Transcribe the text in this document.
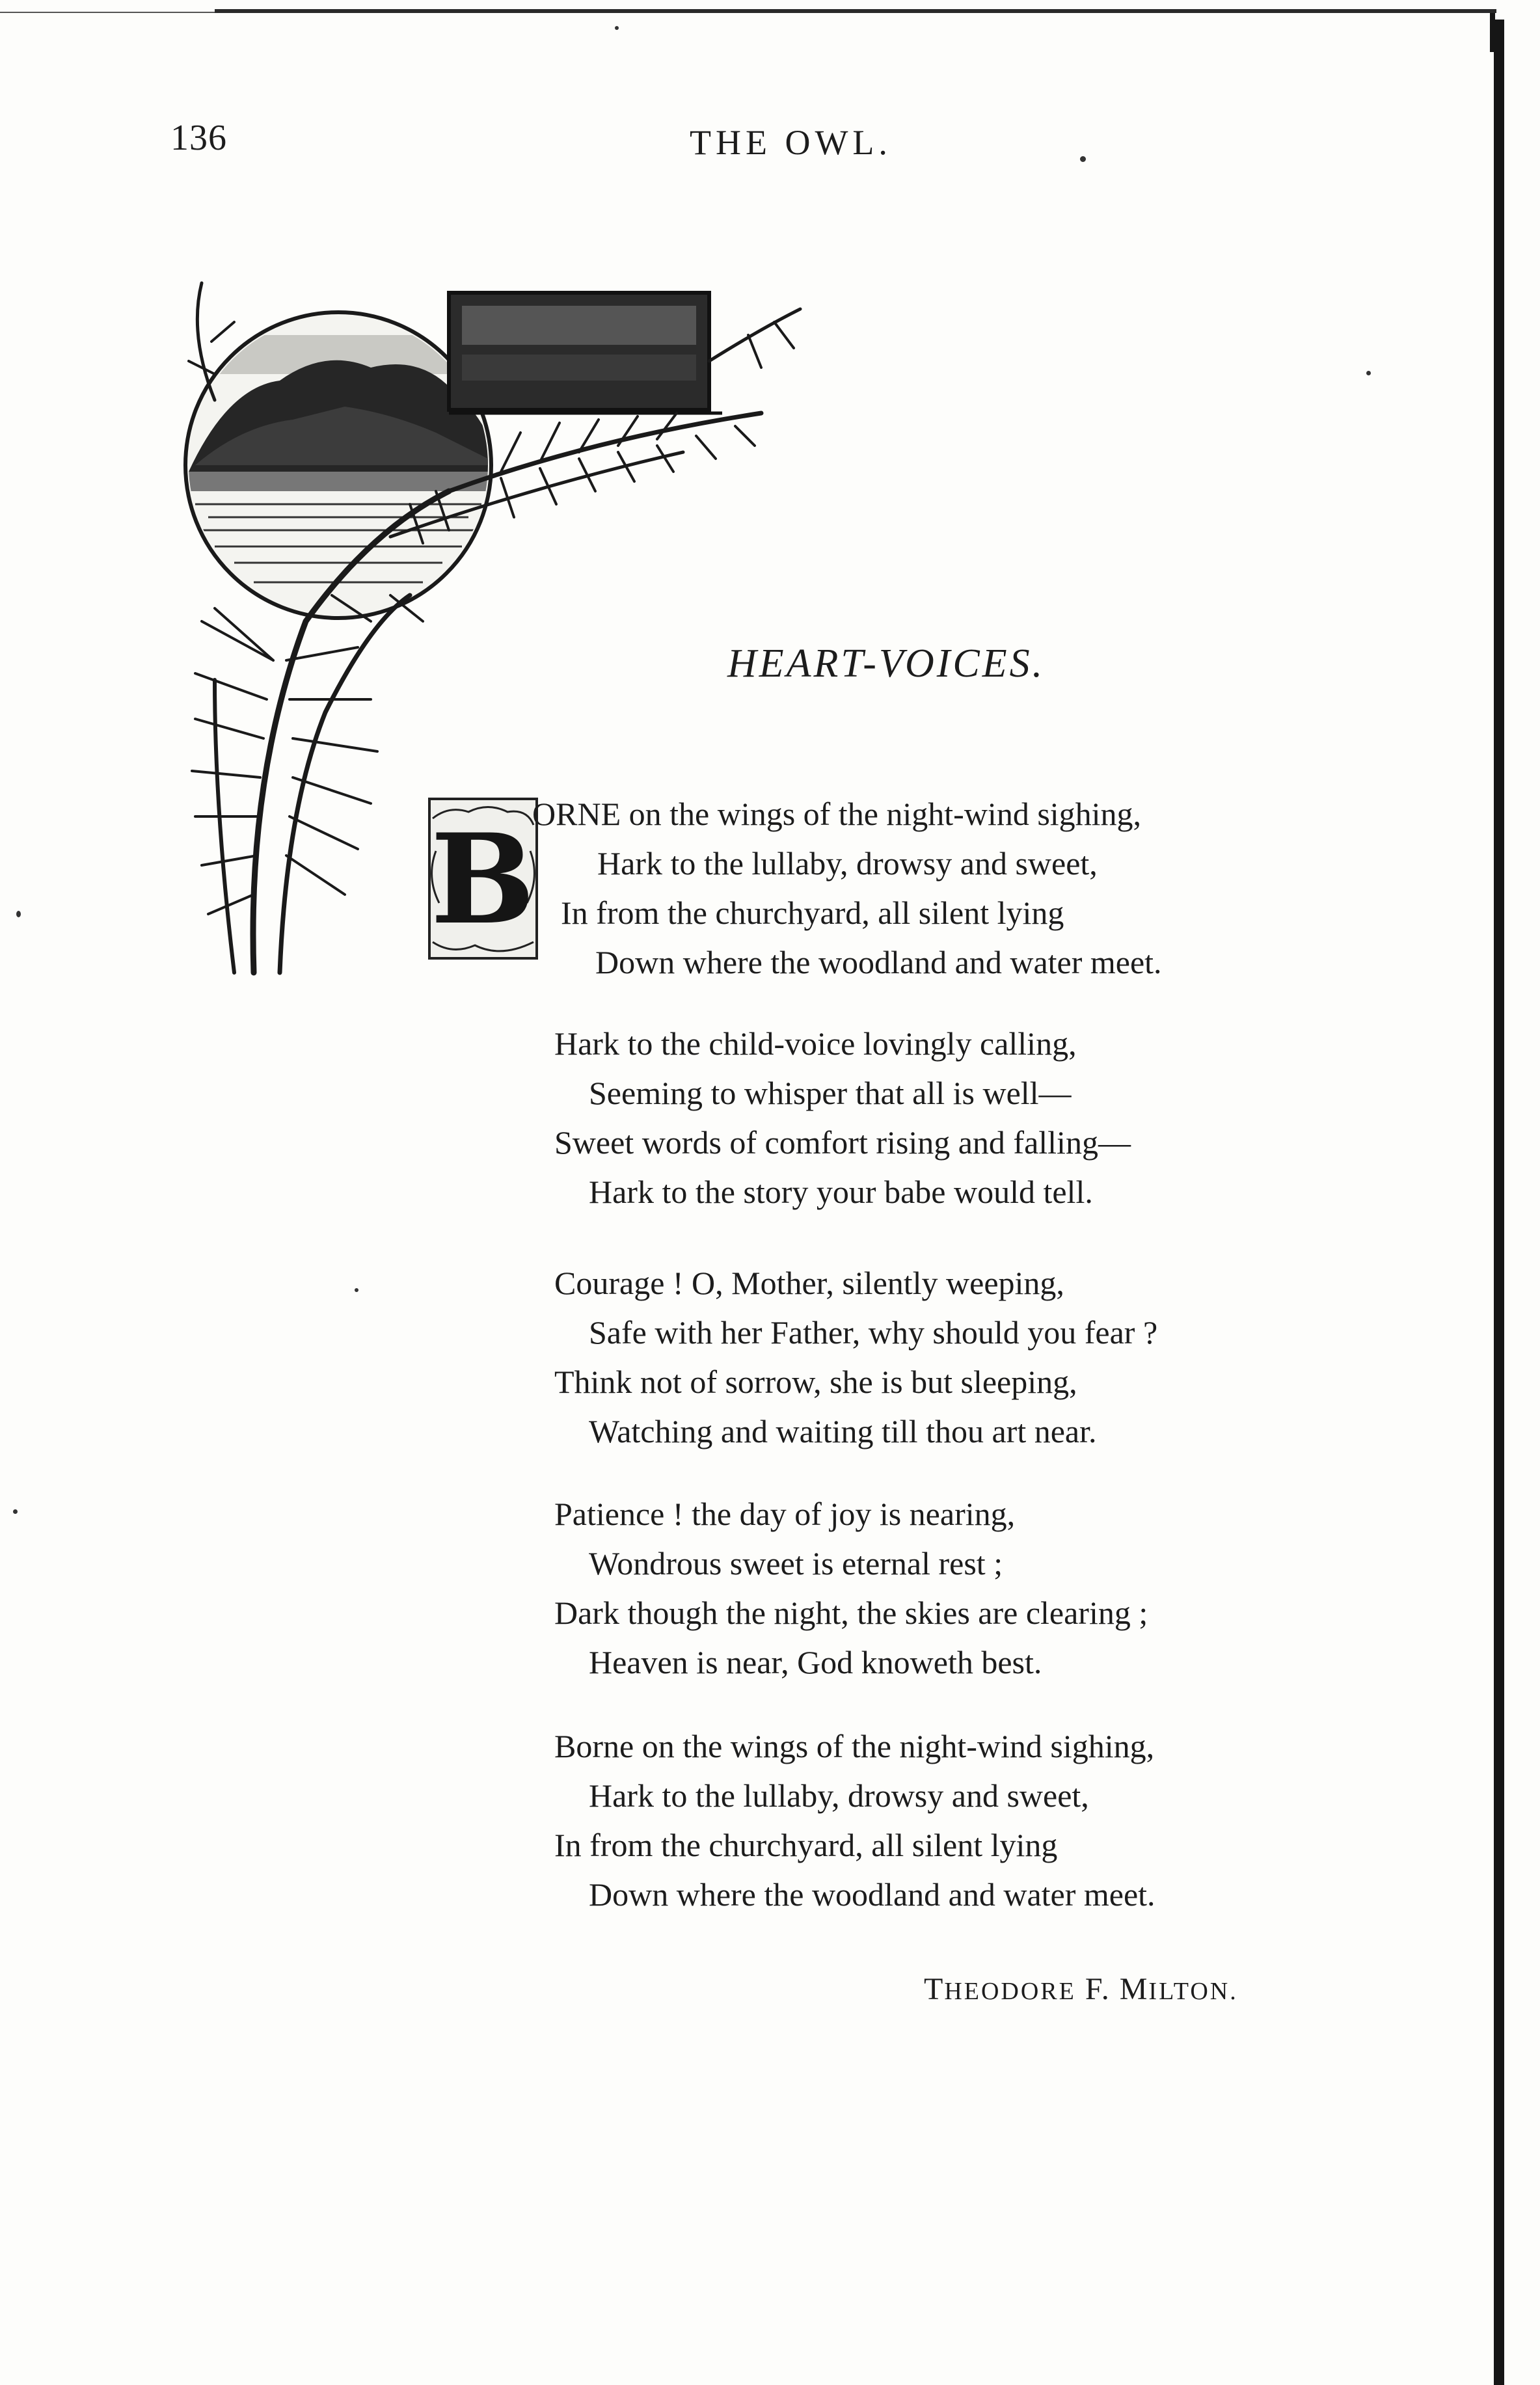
136	THE OWL.
HEART-VOICES.
B
ORNE on the wings of the night-wind sighing,
Hark to the lullaby, drowsy and sweet,
In from the churchyard, all silent lying
Down where the woodland and water meet.
Hark to the child-voice lovingly calling,
Seeming to whisper that all is well—
Sweet words of comfort rising and falling—
Hark to the story your babe would tell.
Courage ! O, Mother, silently weeping,
Safe with her Father, why should you fear ?
Think not of sorrow, she is but sleeping,
Watching and waiting till thou art near.
Patience ! the day of joy is nearing,
Wondrous sweet is eternal rest ;
Dark though the night, the skies are clearing ;
Heaven is near, God knoweth best.
Borne on the wings of the night-wind sighing,
Hark to the lullaby, drowsy and sweet,
In from the churchyard, all silent lying
Down where the woodland and water meet.
THEODORE F. MILTON.
